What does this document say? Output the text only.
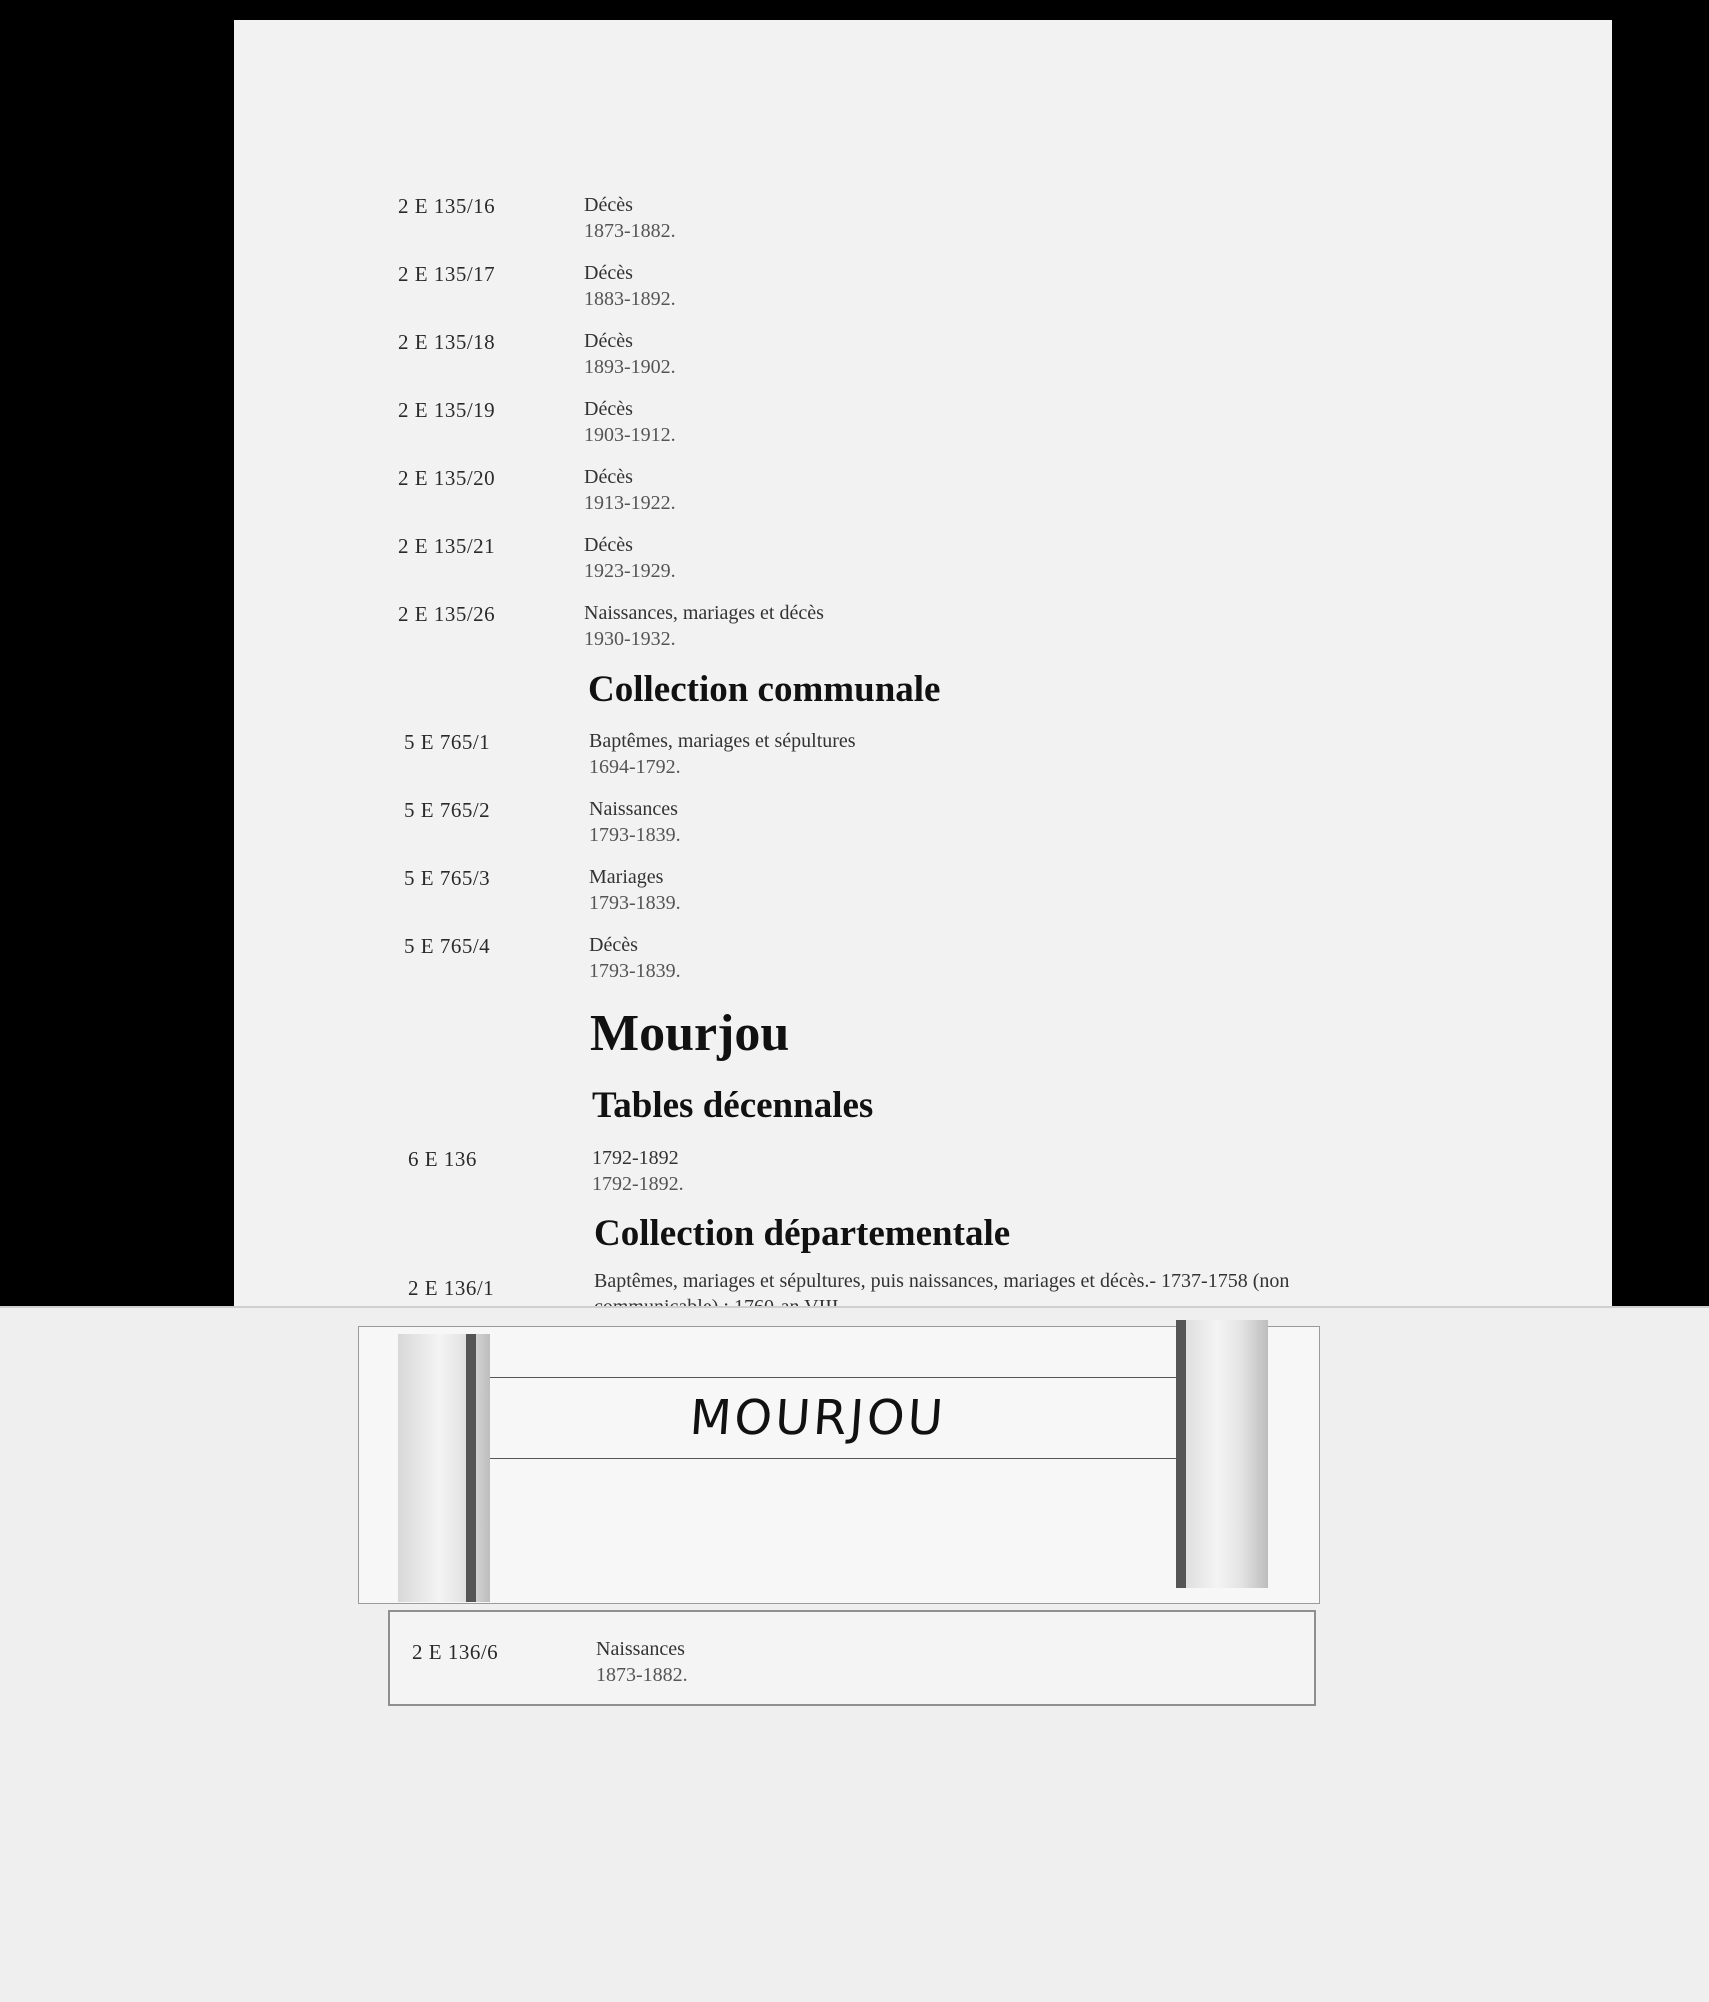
2 E 135/16	Décès
1873-1882.
2 E 135/17	Décès
1883-1892.
2 E 135/18	Décès
1893-1902.
2 E 135/19	Décès
1903-1912.
2 E 135/20	Décès
1913-1922.
2 E 135/21	Décès
1923-1929.
2 E 135/26	Naissances, mariages et décès
1930-1932.
Collection communale
5 E 765/1	Baptêmes, mariages et sépultures
1694-1792.
5 E 765/2	Naissances
1793-1839.
5 E 765/3	Mariages
1793-1839.
5 E 765/4	Décès
1793-1839.
Mourjou
Tables décennales
6 E 136	1792-1892
1792-1892.
Collection départementale
2 E 136/1	Baptêmes, mariages et sépultures, puis naissances, mariages et décès.- 1737-1758 (non
MOURJOU
2 E 136/6	Naissances
1873-1882.
